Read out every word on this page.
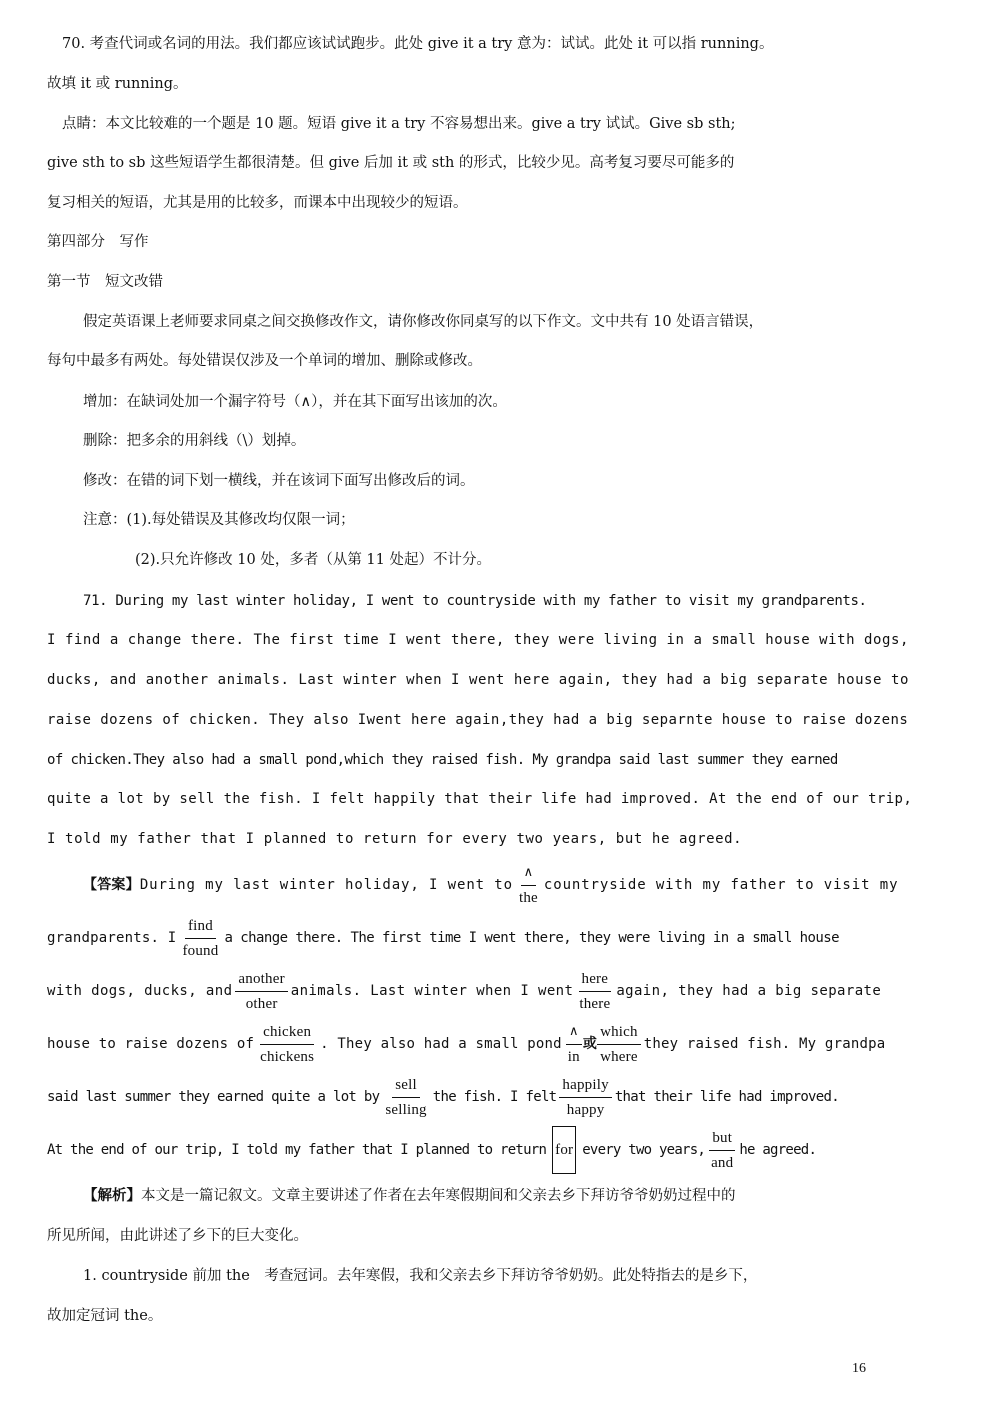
70. 考查代词或名词的用法。我们都应该试试跑步。此处 give it a try 意为：试试。此处 it 可以指 running。
故填 it 或 running。
点睛：本文比较难的一个题是 10 题。短语 give it a try 不容易想出来。give a try 试试。Give sb sth;
give sth to sb 这些短语学生都很清楚。但 give 后加 it 或 sth 的形式，比较少见。高考复习要尽可能多的
复习相关的短语，尤其是用的比较多，而课本中出现较少的短语。
第四部分　写作
第一节　短文改错
假定英语课上老师要求同桌之间交换修改作文，请你修改你同桌写的以下作文。文中共有 10 处语言错误，
每句中最多有两处。每处错误仅涉及一个单词的增加、删除或修改。
增加：在缺词处加一个漏字符号（∧），并在其下面写出该加的次。
删除：把多余的用斜线（\）划掉。
修改：在错的词下划一横线，并在该词下面写出修改后的词。
注意：(1).每处错误及其修改均仅限一词；
(2).只允许修改 10 处，多者（从第 11 处起）不计分。
71. During my last winter holiday, I went to countryside with my father to visit my grandparents.
I find a change there. The first time I went there, they were living in a small house with dogs,
ducks, and another animals. Last winter when I went here again, they had a big separate house to
raise dozens of chicken. They also Iwent here again,they had a big separnte house to raise dozens
of chicken.They also had a small pond,which they raised fish. My grandpa said last summer they earned
quite a lot by sell the fish. I felt happily that their life had improved. At the end of our trip,
I told my father that I planned to return for every two years, but he agreed.
【答案】 During my last winter holiday, I went to $\frac{\wedge}{\text{the}}$ countryside with my father to visit my
grandparents. I $\frac{\text{find}}{\text{found}}$ a change there. The first time I went there, they were living in a small house
with dogs, ducks, and $\frac{\text{another}}{\text{other}}$ animals. Last winter when I went $\frac{\text{here}}{\text{there}}$ again, they had a big separate
house to raise dozens of $\frac{\text{chicken}}{\text{chickens}}$ . They also had a small pond $\frac{\wedge}{in}$ 或 $\frac{\text{which}}{\text{where}}$ they raised fish. My grandpa
said last summer they earned quite a lot by $\frac{\text{sell}}{\text{selling}}$ the fish. I felt $\frac{\text{happily}}{\text{happy}}$ that their life had improved.
At the end of our trip, I told my father that I planned to return for every two years, $\frac{\text{but}}{\text{and}}$ he agreed.
【解析】本文是一篇记叙文。文章主要讲述了作者在去年寒假期间和父亲去乡下拜访爷爷奶奶过程中的
所见所闻，由此讲述了乡下的巨大变化。
1. countryside 前加 the　考查冠词。去年寒假，我和父亲去乡下拜访爷爷奶奶。此处特指去的是乡下，
故加定冠词 the。
16
